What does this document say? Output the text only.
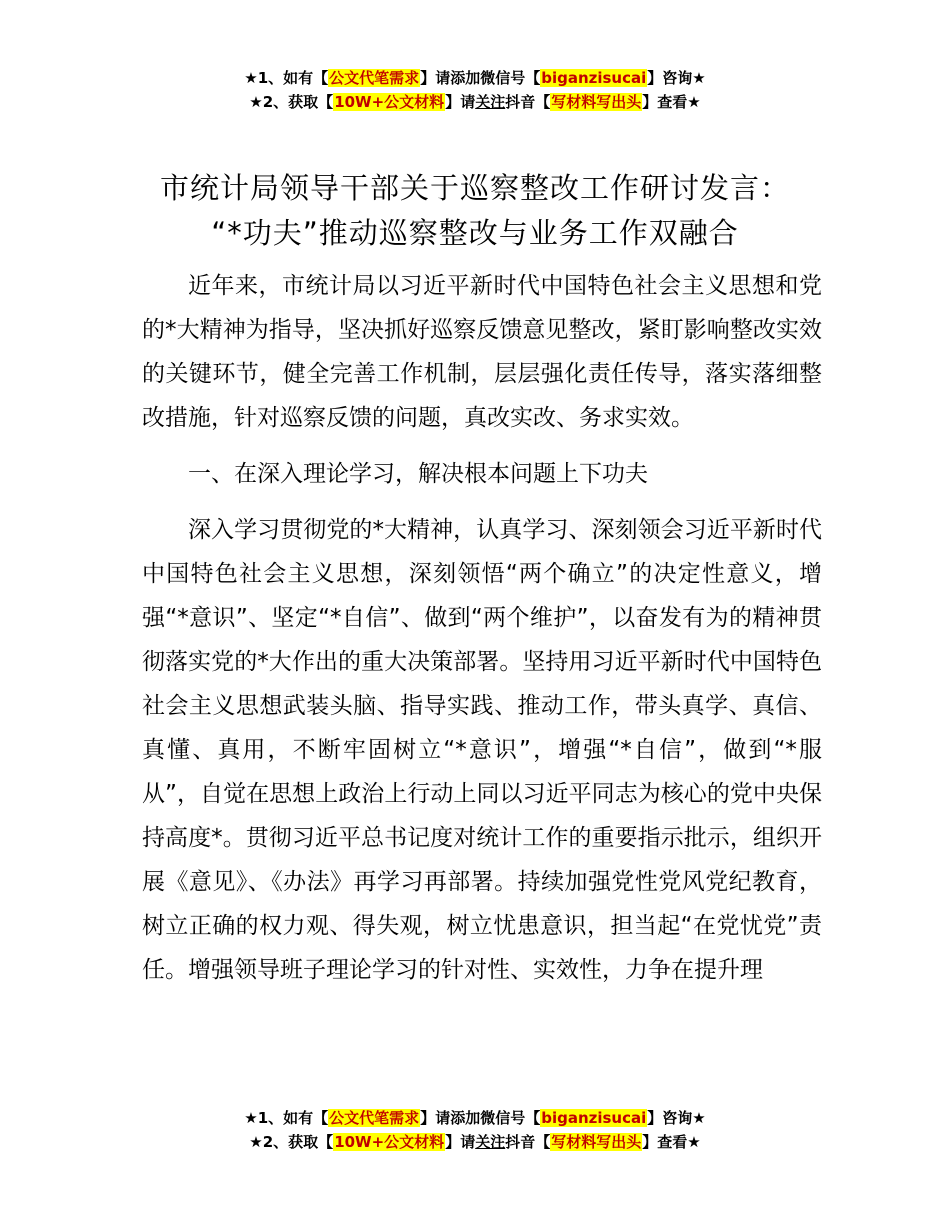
★1、如有【公文代笔需求】请添加微信号【biganzisucai】咨询★
★2、获取【10W+公文材料】请关注抖音【写材料写出头】查看★
市统计局领导干部关于巡察整改工作研讨发言：
“*功夫”推动巡察整改与业务工作双融合

近年来，市统计局以习近平新时代中国特色社会主义思想和党的*大精神为指导，坚决抓好巡察反馈意见整改，紧盯影响整改实效的关键环节，健全完善工作机制，层层强化责任传导，落实落细整改措施，针对巡察反馈的问题，真改实改、务求实效。

一、在深入理论学习，解决根本问题上下功夫

深入学习贯彻党的*大精神，认真学习、深刻领会习近平新时代中国特色社会主义思想，深刻领悟“两个确立”的决定性意义，增强“*意识”、坚定“*自信”、做到“两个维护”，以奋发有为的精神贯彻落实党的*大作出的重大决策部署。坚持用习近平新时代中国特色社会主义思想武装头脑、指导实践、推动工作，带头真学、真信、真懂、真用，不断牢固树立“*意识”，增强“*自信”，做到“*服从”，自觉在思想上政治上行动上同以习近平同志为核心的党中央保持高度*。贯彻习近平总书记度对统计工作的重要指示批示，组织开展《意见》、《办法》再学习再部署。持续加强党性党风党纪教育，树立正确的权力观、得失观，树立忧患意识，担当起“在党忧党”责任。增强领导班子理论学习的针对性、实效性，力争在提升理

★1、如有【公文代笔需求】请添加微信号【biganzisucai】咨询★
★2、获取【10W+公文材料】请关注抖音【写材料写出头】查看★
